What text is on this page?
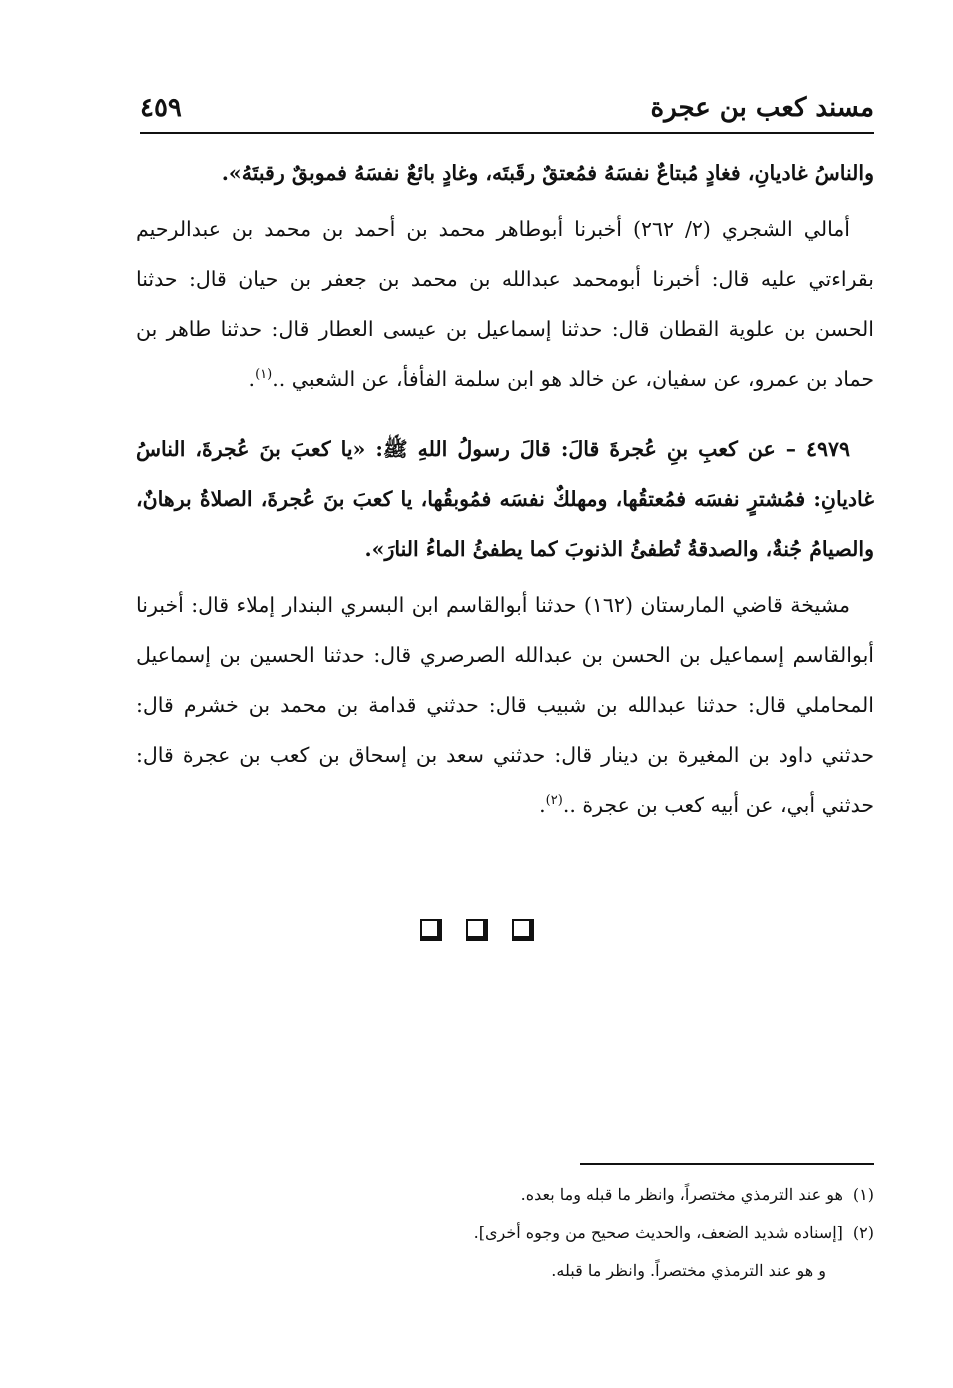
مسند كعب بن عجرة
٤٥٩

والناسُ غاديانِ، فغادٍ مُبتاعٌ نفسَهُ فمُعتقٌ رقَبتَه، وغادٍ بائعٌ نفسَهُ فموبقٌ رقبتَهُ».

أمالي الشجري (٢/ ٢٦٢) أخبرنا أبوطاهر محمد بن أحمد بن محمد بن عبدالرحيم بقراءتي عليه قال: أخبرنا أبومحمد عبدالله بن محمد بن جعفر بن حيان قال: حدثنا الحسن بن علوية القطان قال: حدثنا إسماعيل بن عيسى العطار قال: حدثنا طاهر بن حماد بن عمرو، عن سفيان، عن خالد هو ابن سلمة الفأفأ، عن الشعبي ..$^{(١)}$.

٤٩٧٩ – عن كعبِ بنِ عُجرةَ قالَ: قالَ رسولُ اللهِ ﷺ: «يا كعبَ بنَ عُجرةَ، الناسُ غاديانِ: فمُشترٍ نفسَه فمُعتقُها، ومهلكٌ نفسَه فمُوبقُها، يا كعبَ بنَ عُجرةَ، الصلاةُ برهانٌ، والصيامُ جُنةٌ، والصدقةُ تُطفئُ الذنوبَ كما يطفئُ الماءُ النارَ».

مشيخة قاضي المارستان (١٦٢) حدثنا أبوالقاسم ابن البسري البندار إملاء قال: أخبرنا أبوالقاسم إسماعيل بن الحسن بن عبدالله الصرصري قال: حدثنا الحسين بن إسماعيل المحاملي قال: حدثنا عبدالله بن شبيب قال: حدثني قدامة بن محمد بن خشرم قال: حدثني داود بن المغيرة بن دينار قال: حدثني سعد بن إسحاق بن كعب بن عجرة قال: حدثني أبي، عن أبيه كعب بن عجرة ..$^{(٢)}$.

(١)هو عند الترمذي مختصراً، وانظر ما قبله وما بعده.

(٢)[إسناده شديد الضعف، والحديث صحيح من وجوه أخرى].

و هو عند الترمذي مختصراً. وانظر ما قبله.
